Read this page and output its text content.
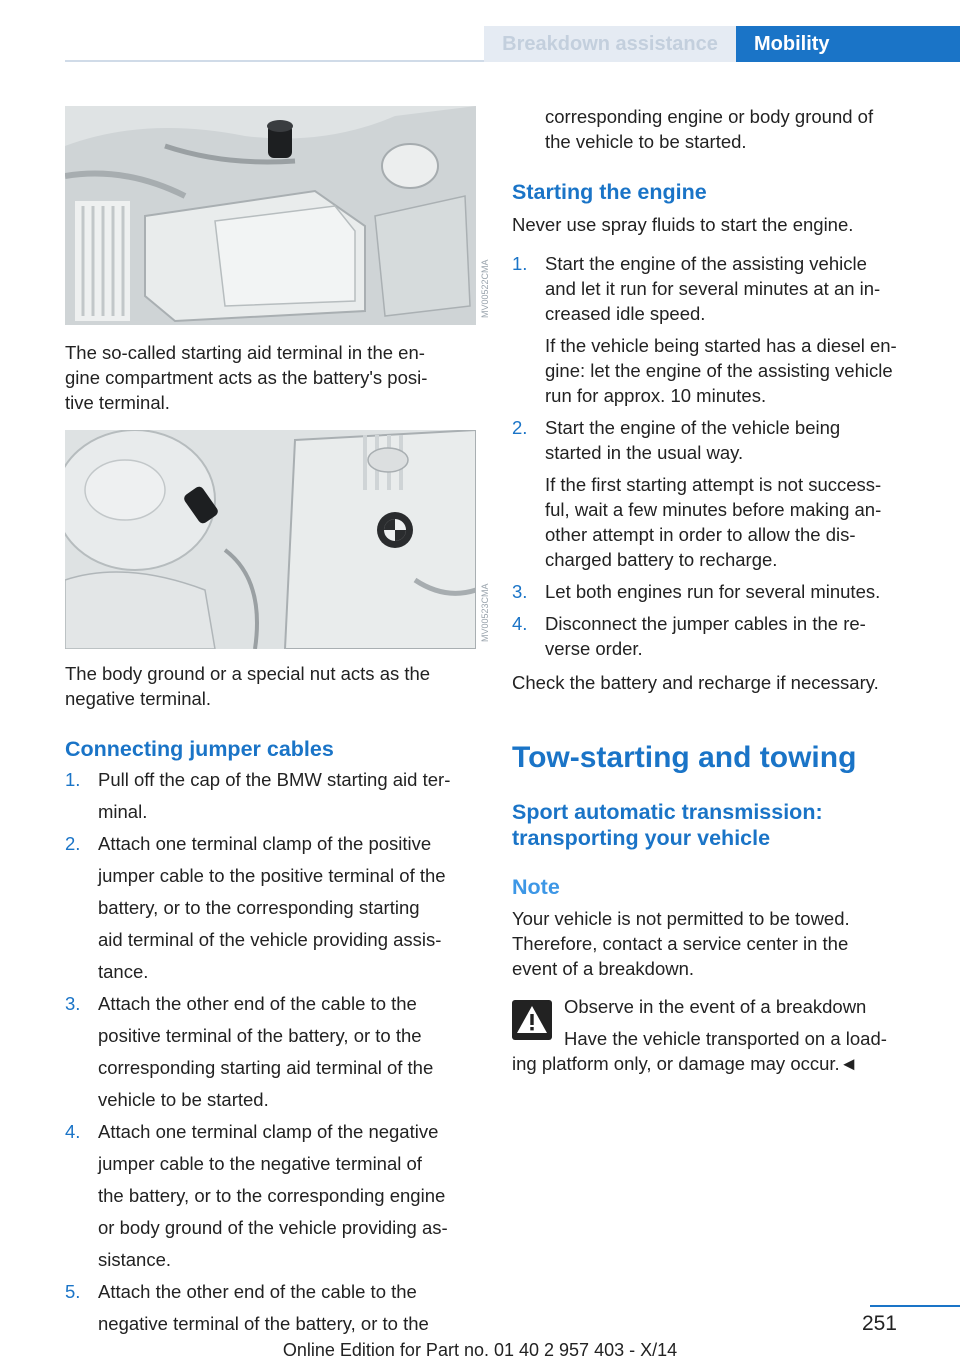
Breakdown assistance	Mobility
MV00522CMA
MV00523CMA

The so-called starting aid terminal in the en-

gine compartment acts as the battery's posi-

tive terminal.

The body ground or a special nut acts as the

negative terminal.

Connecting jumper cables
1. Pull off the cap of the BMW starting aid ter-

minal.

2. Attach one terminal clamp of the positive

jumper cable to the positive terminal of the

battery, or to the corresponding starting

aid terminal of the vehicle providing assis-

tance.

3. Attach the other end of the cable to the

positive terminal of the battery, or to the

corresponding starting aid terminal of the

vehicle to be started.

4. Attach one terminal clamp of the negative

jumper cable to the negative terminal of

the battery, or to the corresponding engine

or body ground of the vehicle providing as-

sistance.

5. Attach the other end of the cable to the

negative terminal of the battery, or to the

corresponding engine or body ground of

the vehicle to be started.

Starting the engine

Never use spray fluids to start the engine.

1. Start the engine of the assisting vehicle

and let it run for several minutes at an in-

creased idle speed.

If the vehicle being started has a diesel en-

gine: let the engine of the assisting vehicle

run for approx. 10 minutes.

2. Start the engine of the vehicle being

started in the usual way.

If the first starting attempt is not success-

ful, wait a few minutes before making an-

other attempt in order to allow the dis-

charged battery to recharge.

3. Let both engines run for several minutes.

4. Disconnect the jumper cables in the re-

verse order.

Check the battery and recharge if necessary.

Tow-starting and towing
Sport automatic transmission:
transporting your vehicle
Note

Your vehicle is not permitted to be towed.

Therefore, contact a service center in the

event of a breakdown.

Observe in the event of a breakdown

Have the vehicle transported on a load-

ing platform only, or damage may occur.◄

251
Online Edition for Part no. 01 40 2 957 403 - X/14
